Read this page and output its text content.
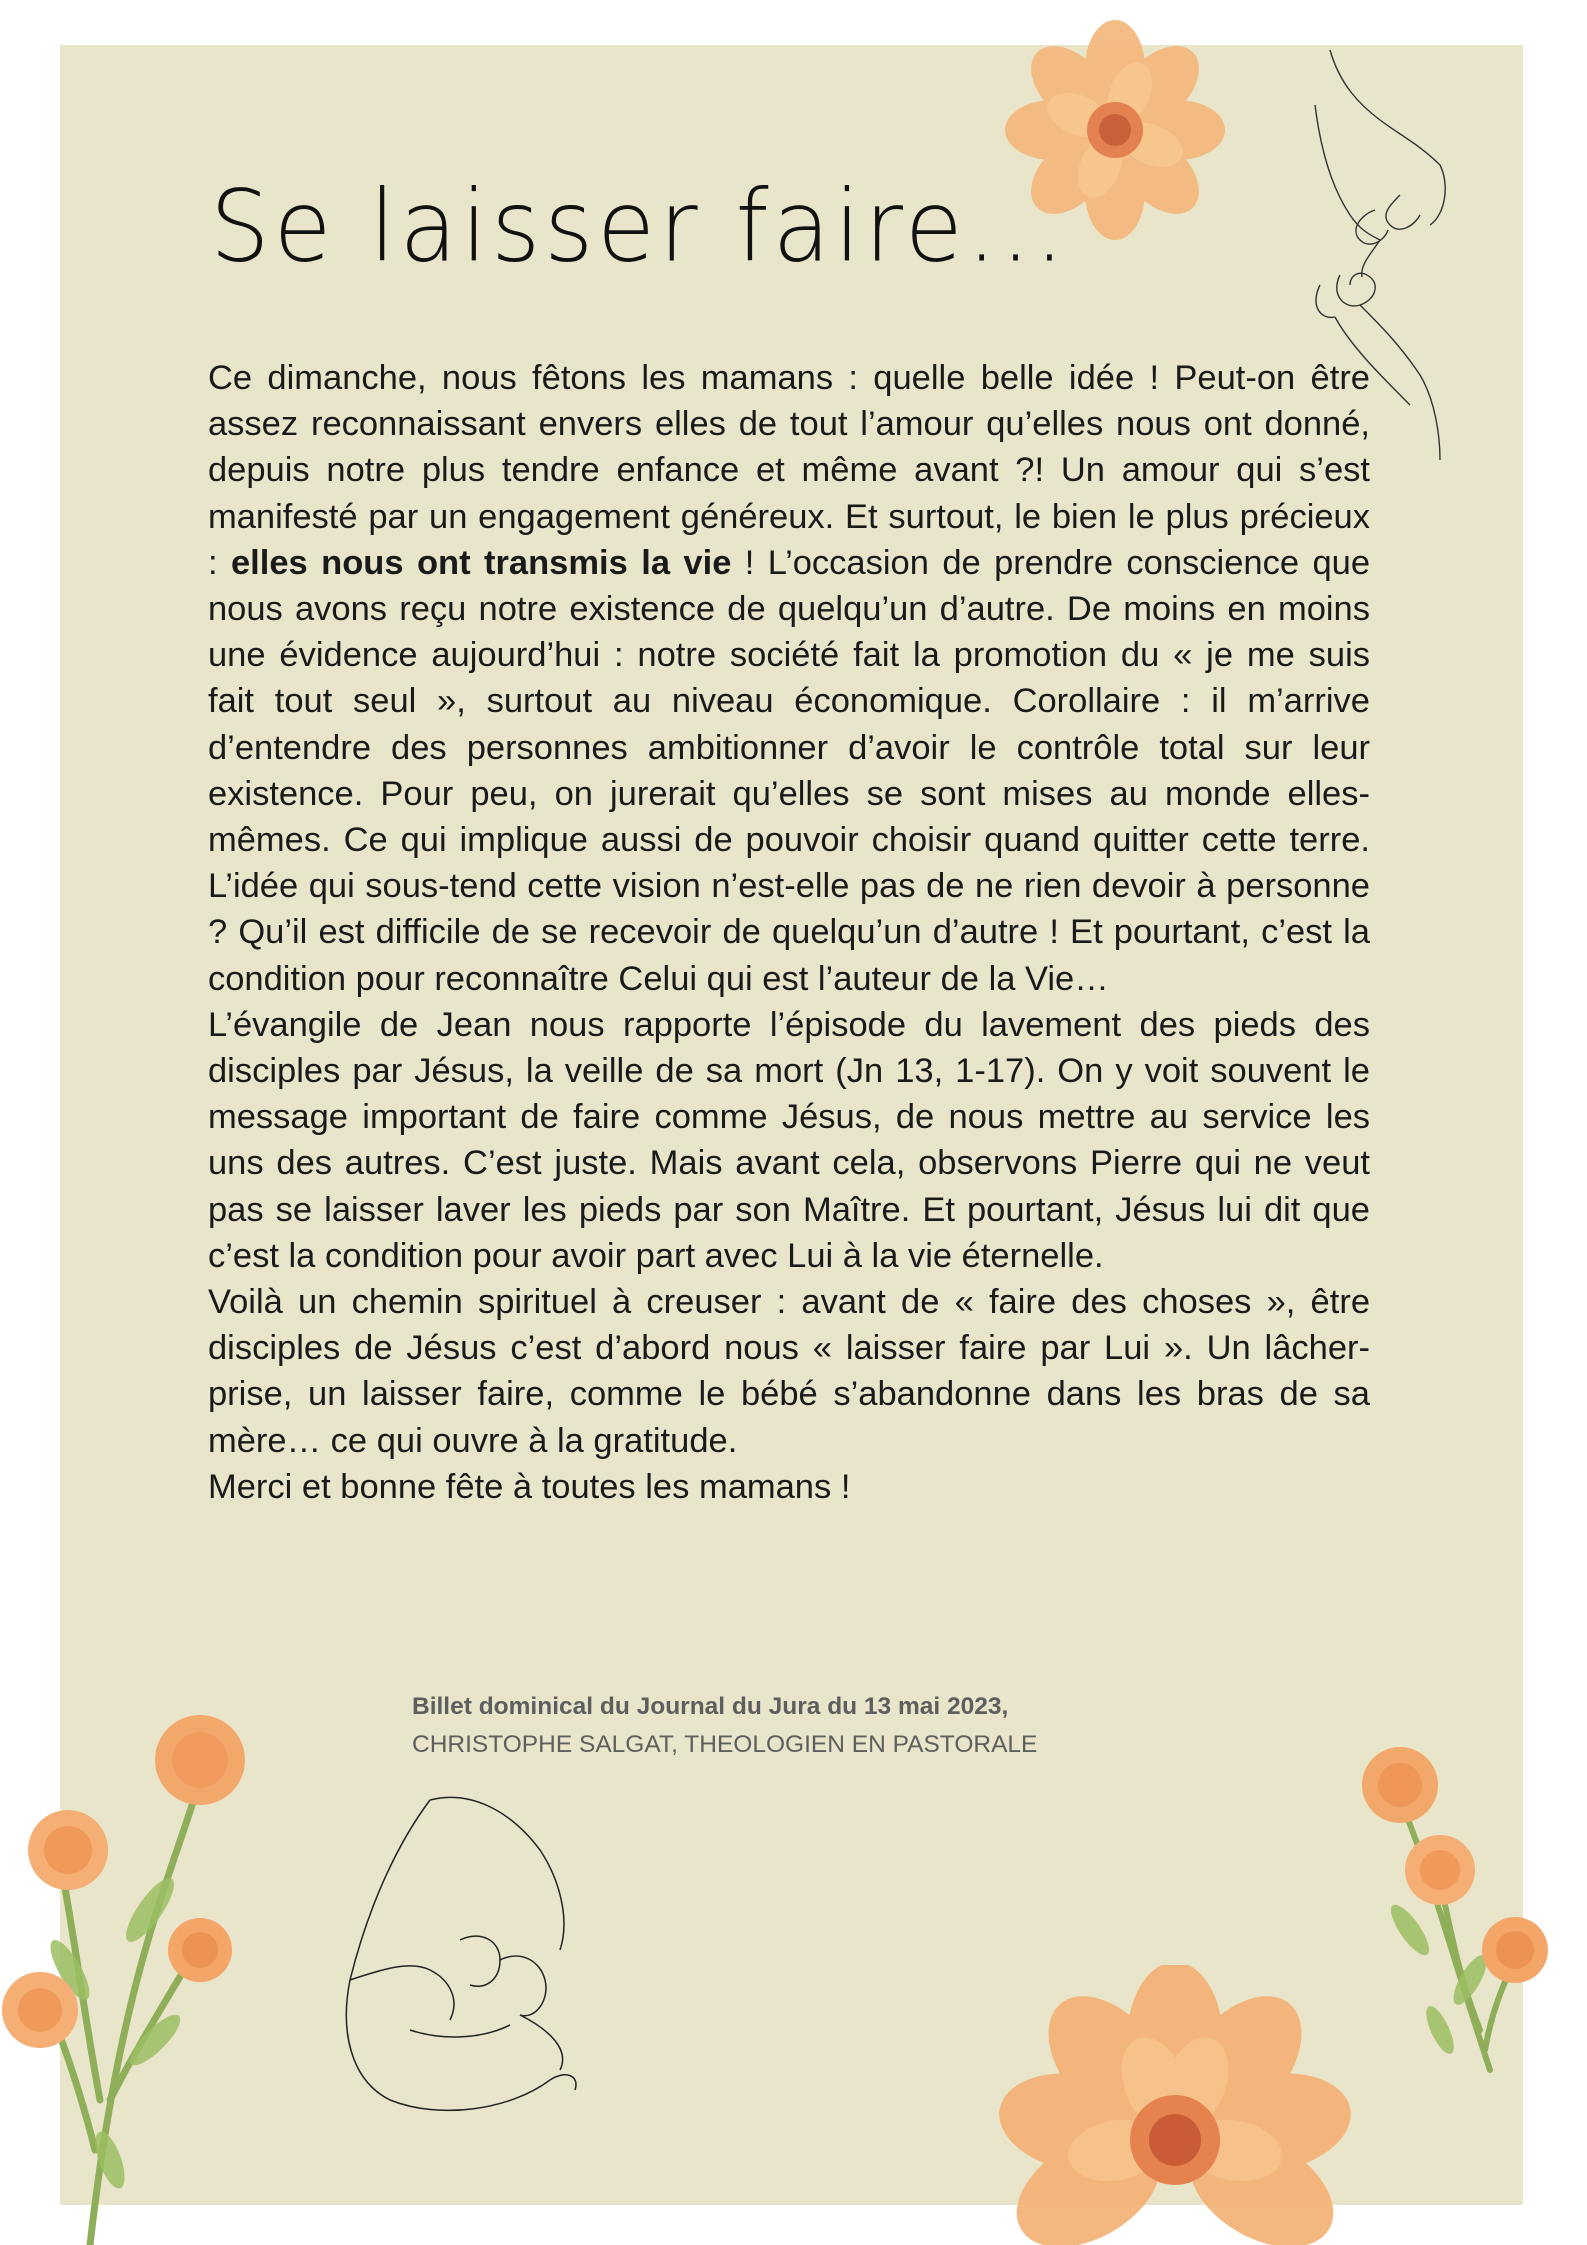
Se laisser faire...

Ce dimanche, nous fêtons les mamans : quelle belle idée ! Peut-on être assez reconnaissant envers elles de tout l’amour qu’elles nous ont donné, depuis notre plus tendre enfance et même avant ?! Un amour qui s’est manifesté par un engagement généreux. Et surtout, le bien le plus précieux : elles nous ont transmis la vie ! L’occasion de prendre conscience que nous avons reçu notre existence de quelqu’un d’autre. De moins en moins une évidence aujourd’hui : notre société fait la promotion du « je me suis fait tout seul », surtout au niveau économique. Corollaire : il m’arrive d’entendre des personnes ambitionner d’avoir le contrôle total sur leur existence. Pour peu, on jurerait qu’elles se sont mises au monde elles-mêmes. Ce qui implique aussi de pouvoir choisir quand quitter cette terre. L’idée qui sous-tend cette vision n’est-elle pas de ne rien devoir à personne ? Qu’il est difficile de se recevoir de quelqu’un d’autre ! Et pourtant, c’est la condition pour reconnaître Celui qui est l’auteur de la Vie…

L’évangile de Jean nous rapporte l’épisode du lavement des pieds des disciples par Jésus, la veille de sa mort (Jn 13, 1-17). On y voit souvent le message important de faire comme Jésus, de nous mettre au service les uns des autres. C’est juste. Mais avant cela, observons Pierre qui ne veut pas se laisser laver les pieds par son Maître. Et pourtant, Jésus lui dit que c’est la condition pour avoir part avec Lui à la vie éternelle.

Voilà un chemin spirituel à creuser : avant de « faire des choses », être disciples de Jésus c’est d’abord nous « laisser faire par Lui ». Un lâcher-prise, un laisser faire, comme le bébé s’abandonne dans les bras de sa mère… ce qui ouvre à la gratitude.

Merci et bonne fête à toutes les mamans !

Billet dominical du Journal du Jura du 13 mai 2023,
CHRISTOPHE SALGAT, THEOLOGIEN EN PASTORALE
